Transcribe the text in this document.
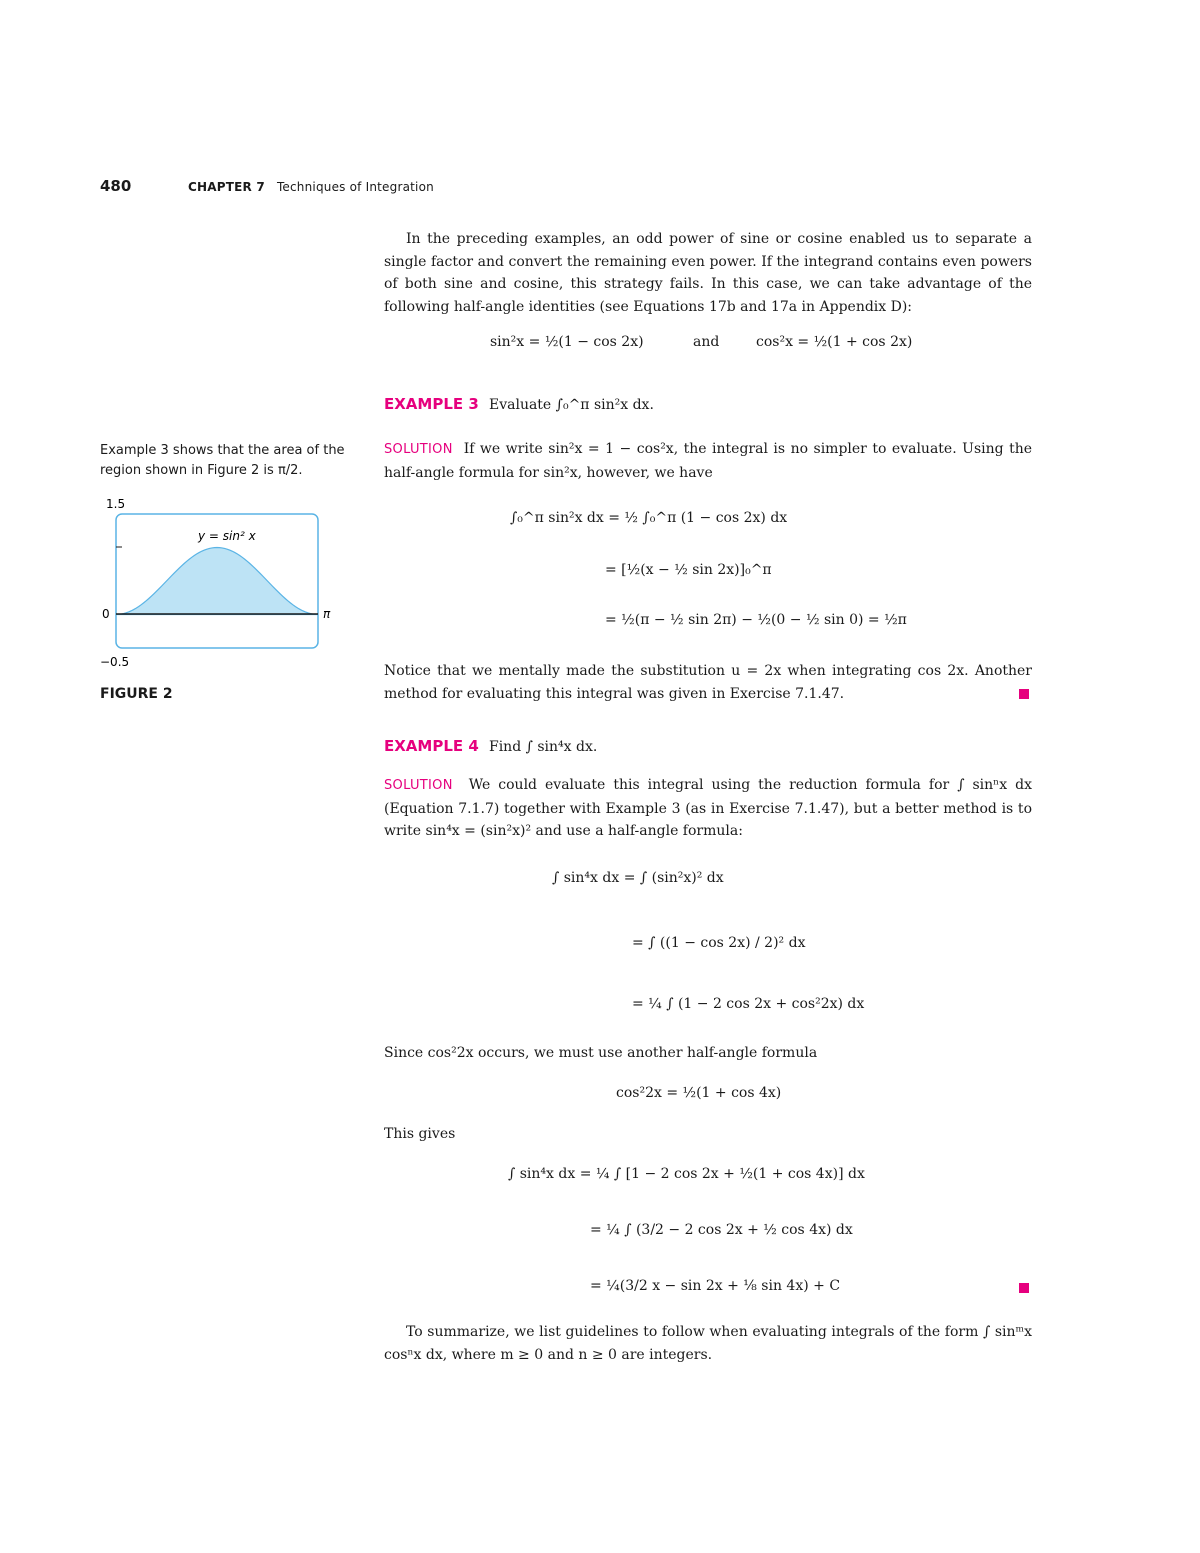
480	CHAPTER 7 Techniques of Integration
In the preceding examples, an odd power of sine or cosine enabled us to separate a single factor and convert the remaining even power. If the integrand contains even powers of both sine and cosine, this strategy fails. In this case, we can take advantage of the following half-angle identities (see Equations 17b and 17a in Appendix D):
sin²x = ½(1 − cos 2x)	and	cos²x = ½(1 + cos 2x)
EXAMPLE 3 Evaluate ∫₀^π sin²x dx.
SOLUTION If we write sin²x = 1 − cos²x, the integral is no simpler to evaluate. Using the half-angle formula for sin²x, however, we have
∫₀^π sin²x dx = ½ ∫₀^π (1 − cos 2x) dx
= [½(x − ½ sin 2x)]₀^π
= ½(π − ½ sin 2π) − ½(0 − ½ sin 0) = ½π
Notice that we mentally made the substitution u = 2x when integrating cos 2x. Another method for evaluating this integral was given in Exercise 7.1.47.
Example 3 shows that the area of the region shown in Figure 2 is π/2.
1.5
0	π
−0.5
y = sin² x
FIGURE 2
EXAMPLE 4 Find ∫ sin⁴x dx.
SOLUTION We could evaluate this integral using the reduction formula for ∫ sinⁿx dx (Equation 7.1.7) together with Example 3 (as in Exercise 7.1.47), but a better method is to write sin⁴x = (sin²x)² and use a half-angle formula:
∫ sin⁴x dx = ∫ (sin²x)² dx
= ∫ ((1 − cos 2x) / 2)² dx
= ¼ ∫ (1 − 2 cos 2x + cos²2x) dx
Since cos²2x occurs, we must use another half-angle formula
cos²2x = ½(1 + cos 4x)
This gives
∫ sin⁴x dx = ¼ ∫ [1 − 2 cos 2x + ½(1 + cos 4x)] dx
= ¼ ∫ (3/2 − 2 cos 2x + ½ cos 4x) dx
= ¼(3/2 x − sin 2x + ⅛ sin 4x) + C
To summarize, we list guidelines to follow when evaluating integrals of the form ∫ sinᵐx cosⁿx dx, where m ≥ 0 and n ≥ 0 are integers.
